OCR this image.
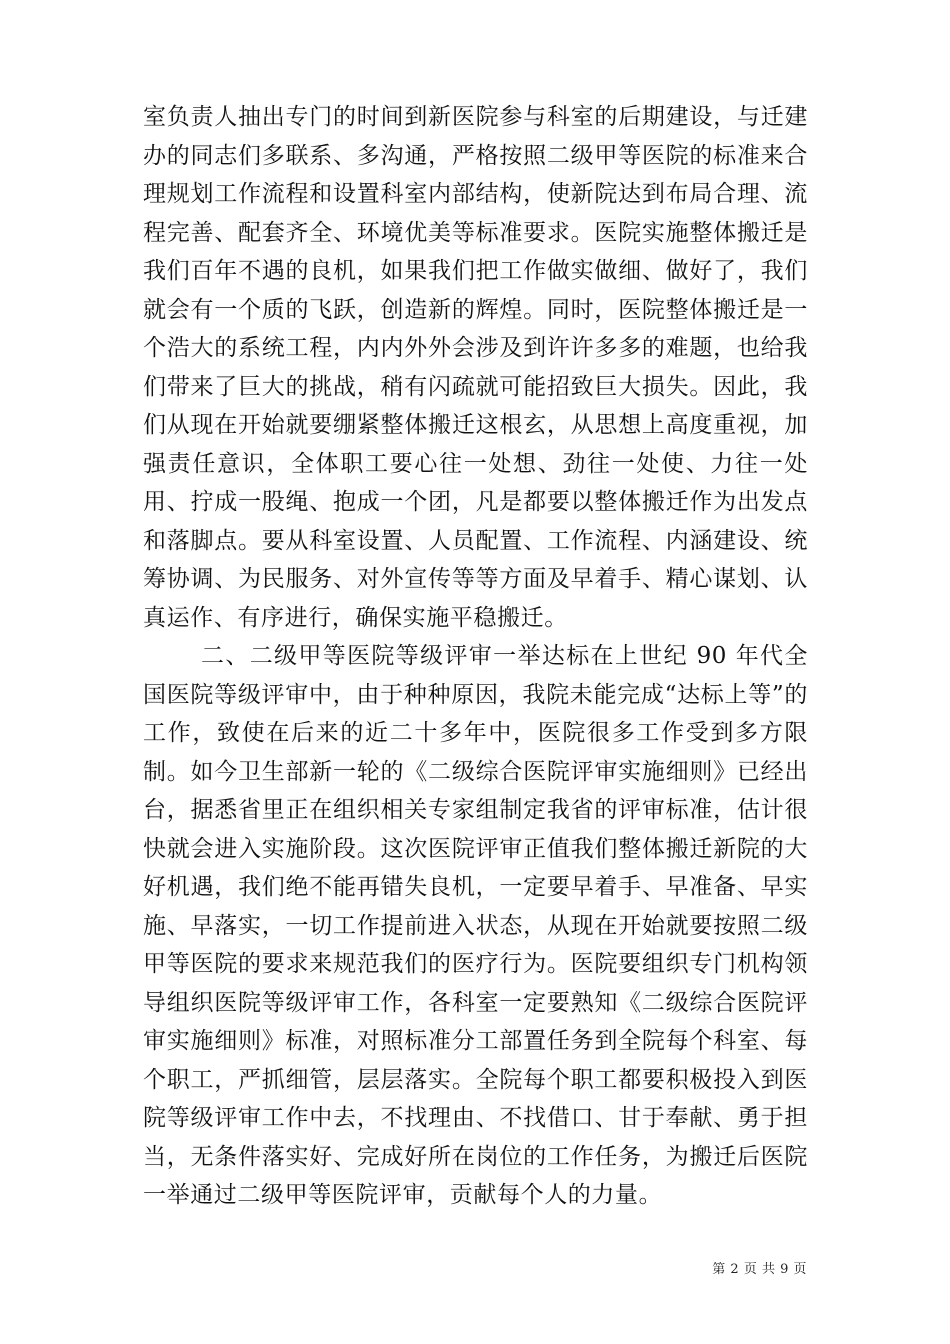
室负责人抽出专门的时间到新医院参与科室的后期建设，与迁建办的同志们多联系、多沟通，严格按照二级甲等医院的标准来合理规划工作流程和设置科室内部结构，使新院达到布局合理、流程完善、配套齐全、环境优美等标准要求。医院实施整体搬迁是我们百年不遇的良机，如果我们把工作做实做细、做好了，我们就会有一个质的飞跃，创造新的辉煌。同时，医院整体搬迁是一个浩大的系统工程，内内外外会涉及到许许多多的难题，也给我们带来了巨大的挑战，稍有闪疏就可能招致巨大损失。因此，我们从现在开始就要绷紧整体搬迁这根玄，从思想上高度重视，加强责任意识，全体职工要心往一处想、劲往一处使、力往一处用、拧成一股绳、抱成一个团，凡是都要以整体搬迁作为出发点和落脚点。要从科室设置、人员配置、工作流程、内涵建设、统筹协调、为民服务、对外宣传等等方面及早着手、精心谋划、认真运作、有序进行，确保实施平稳搬迁。

二、二级甲等医院等级评审一举达标在上世纪 90 年代全国医院等级评审中，由于种种原因，我院未能完成“达标上等”的工作，致使在后来的近二十多年中，医院很多工作受到多方限制。如今卫生部新一轮的《二级综合医院评审实施细则》已经出台，据悉省里正在组织相关专家组制定我省的评审标准，估计很快就会进入实施阶段。这次医院评审正值我们整体搬迁新院的大好机遇，我们绝不能再错失良机，一定要早着手、早准备、早实施、早落实，一切工作提前进入状态，从现在开始就要按照二级甲等医院的要求来规范我们的医疗行为。医院要组织专门机构领导组织医院等级评审工作，各科室一定要熟知《二级综合医院评审实施细则》标准，对照标准分工部置任务到全院每个科室、每个职工，严抓细管，层层落实。全院每个职工都要积极投入到医院等级评审工作中去，不找理由、不找借口、甘于奉献、勇于担当，无条件落实好、完成好所在岗位的工作任务，为搬迁后医院一举通过二级甲等医院评审，贡献每个人的力量。

第 2 页 共 9 页
